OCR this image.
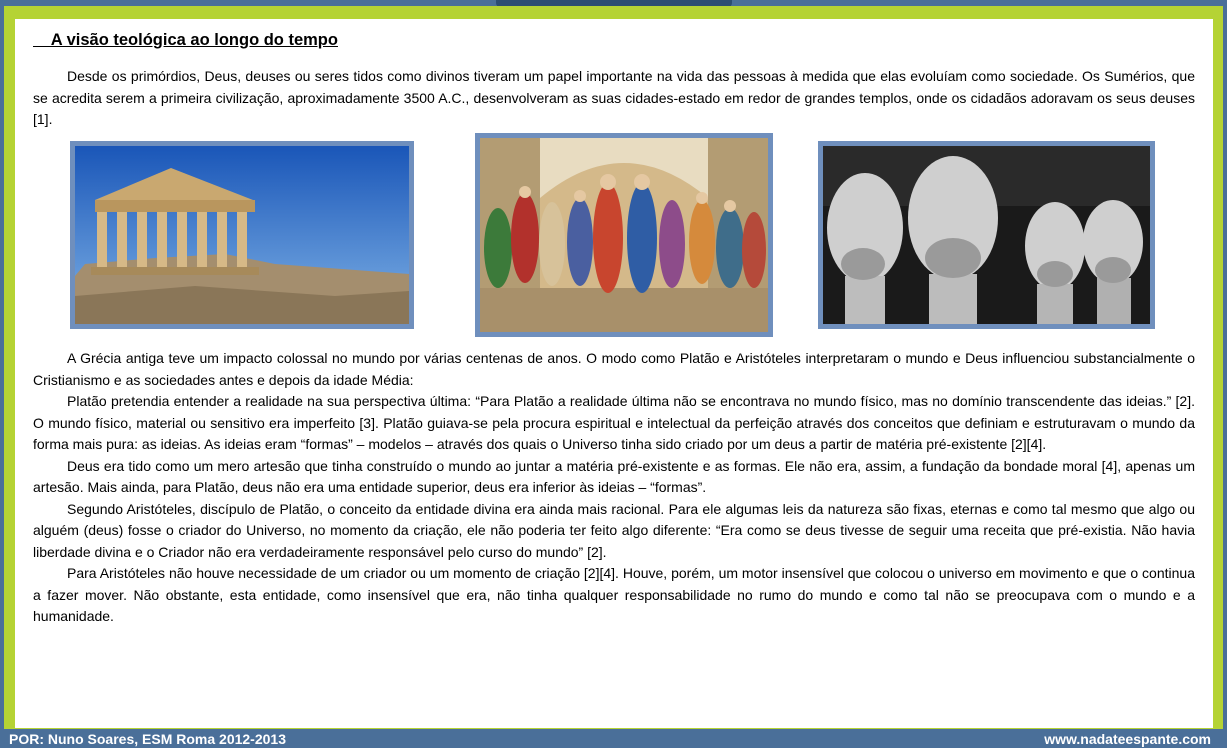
A visão teológica ao longo do tempo

Desde os primórdios, Deus, deuses ou seres tidos como divinos tiveram um papel importante na vida das pessoas à medida que elas evoluíam como sociedade. Os Sumérios, que se acredita serem a primeira civilização, aproximadamente 3500 A.C., desenvolveram as suas cidades-estado em redor de grandes templos, onde os cidadãos adoravam os seus deuses [1].

A Grécia antiga teve um impacto colossal no mundo por várias centenas de anos. O modo como Platão e Aristóteles interpretaram o mundo e Deus influenciou substancialmente o Cristianismo e as sociedades antes e depois da idade Média:

Platão pretendia entender a realidade na sua perspectiva última: “Para Platão a realidade última não se encontrava no mundo físico, mas no domínio transcendente das ideias.” [2]. O mundo físico, material ou sensitivo era imperfeito [3]. Platão guiava-se pela procura espiritual e intelectual da perfeição através dos conceitos que definiam e estruturavam o mundo da forma mais pura: as ideias. As ideias eram “formas” – modelos – através dos quais o Universo tinha sido criado por um deus a partir de matéria pré-existente [2][4].

Deus era tido como um mero artesão que tinha construído o mundo ao juntar a matéria pré-existente e as formas. Ele não era, assim, a fundação da bondade moral [4], apenas um artesão. Mais ainda, para Platão, deus não era uma entidade superior, deus era inferior às ideias – “formas”.

Segundo Aristóteles, discípulo de Platão, o conceito da entidade divina era ainda mais racional. Para ele algumas leis da natureza são fixas, eternas e como tal mesmo que algo ou alguém (deus) fosse o criador do Universo, no momento da criação, ele não poderia ter feito algo diferente: “Era como se deus tivesse de seguir uma receita que pré-existia. Não havia liberdade divina e o Criador não era verdadeiramente responsável pelo curso do mundo” [2].

Para Aristóteles não houve necessidade de um criador ou um momento de criação [2][4]. Houve, porém, um motor insensível que colocou o universo em movimento e que o continua a fazer mover. Não obstante, esta entidade, como insensível que era, não tinha qualquer responsabilidade no rumo do mundo e como tal não se preocupava com o mundo e a humanidade.

POR: Nuno Soares, ESM Roma 2012-2013	www.nadateespante.com
